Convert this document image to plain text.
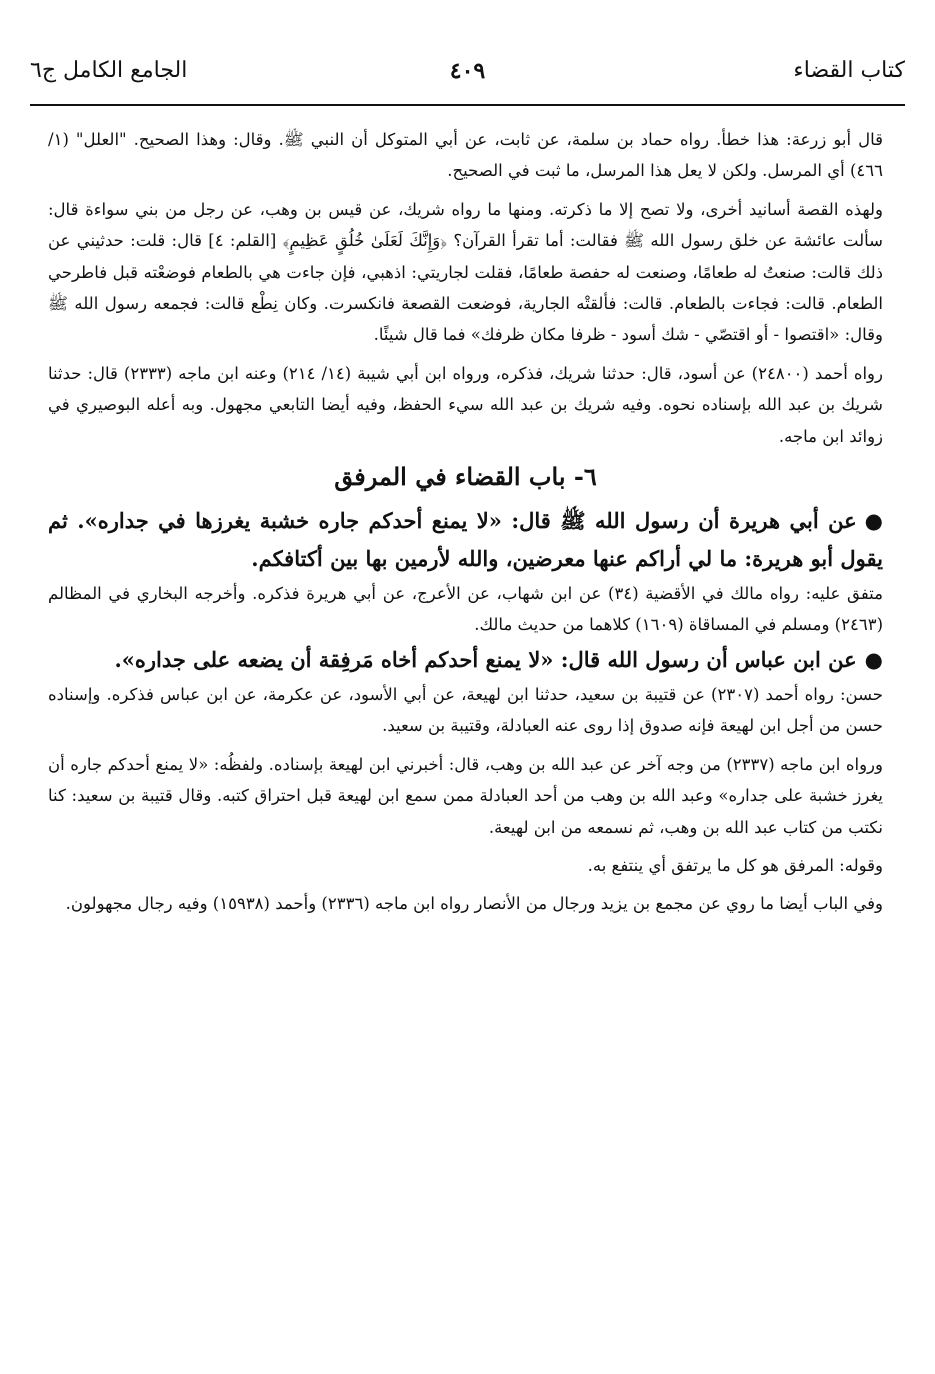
كتاب القضاء
٤٠٩
الجامع الكامل ج٦

قال أبو زرعة: هذا خطأ. رواه حماد بن سلمة، عن ثابت، عن أبي المتوكل أن النبي ﷺ. وقال: وهذا الصحيح. "العلل" (١/ ٤٦٦) أي المرسل. ولكن لا يعل هذا المرسل، ما ثبت في الصحيح.

ولهذه القصة أسانيد أخرى، ولا تصح إلا ما ذكرته. ومنها ما رواه شريك، عن قيس بن وهب، عن رجل من بني سواءة قال: سألت عائشة عن خلق رسول الله ﷺ فقالت: أما تقرأ القرآن؟ ﴿وَإِنَّكَ لَعَلَىٰ خُلُقٍ عَظِيمٍ﴾ [القلم: ٤] قال: قلت: حدثيني عن ذلك قالت: صنعتُ له طعامًا، وصنعت له حفصة طعامًا، فقلت لجاريتي: اذهبي، فإن جاءت هي بالطعام فوضعْته قبل فاطرحي الطعام. قالت: فجاءت بالطعام. قالت: فألقتْه الجارية، فوضعت القصعة فانكسرت. وكان نِطْع قالت: فجمعه رسول الله ﷺ وقال: «اقتصوا - أو اقتصّي - شك أسود - ظرفا مكان ظرفك» فما قال شيئًا.

رواه أحمد (٢٤٨٠٠) عن أسود، قال: حدثنا شريك، فذكره، ورواه ابن أبي شيبة (١٤/ ٢١٤) وعنه ابن ماجه (٢٣٣٣) قال: حدثنا شريك بن عبد الله بإسناده نحوه. وفيه شريك بن عبد الله سيء الحفظ، وفيه أيضا التابعي مجهول. وبه أعله البوصيري في زوائد ابن ماجه.

٦- باب القضاء في المرفق

●عن أبي هريرة أن رسول الله ﷺ قال: «لا يمنع أحدكم جاره خشبة يغرزها في جداره». ثم يقول أبو هريرة: ما لي أراكم عنها معرضين، والله لأرمين بها بين أكتافكم.

متفق عليه: رواه مالك في الأقضية (٣٤) عن ابن شهاب، عن الأعرج، عن أبي هريرة فذكره. وأخرجه البخاري في المظالم (٢٤٦٣) ومسلم في المساقاة (١٦٠٩) كلاهما من حديث مالك.

●عن ابن عباس أن رسول الله قال: «لا يمنع أحدكم أخاه مَرفِقة أن يضعه على جداره».

حسن: رواه أحمد (٢٣٠٧) عن قتيبة بن سعيد، حدثنا ابن لهيعة، عن أبي الأسود، عن عكرمة، عن ابن عباس فذكره. وإسناده حسن من أجل ابن لهيعة فإنه صدوق إذا روى عنه العبادلة، وقتيبة بن سعيد.

ورواه ابن ماجه (٢٣٣٧) من وجه آخر عن عبد الله بن وهب، قال: أخبرني ابن لهيعة بإسناده. ولفظُه: «لا يمنع أحدكم جاره أن يغرز خشبة على جداره» وعبد الله بن وهب من أحد العبادلة ممن سمع ابن لهيعة قبل احتراق كتبه. وقال قتيبة بن سعيد: كنا نكتب من كتاب عبد الله بن وهب، ثم نسمعه من ابن لهيعة.

وقوله: المرفق هو كل ما يرتفق أي ينتفع به.

وفي الباب أيضا ما روي عن مجمع بن يزيد ورجال من الأنصار رواه ابن ماجه (٢٣٣٦) وأحمد (١٥٩٣٨) وفيه رجال مجهولون.
